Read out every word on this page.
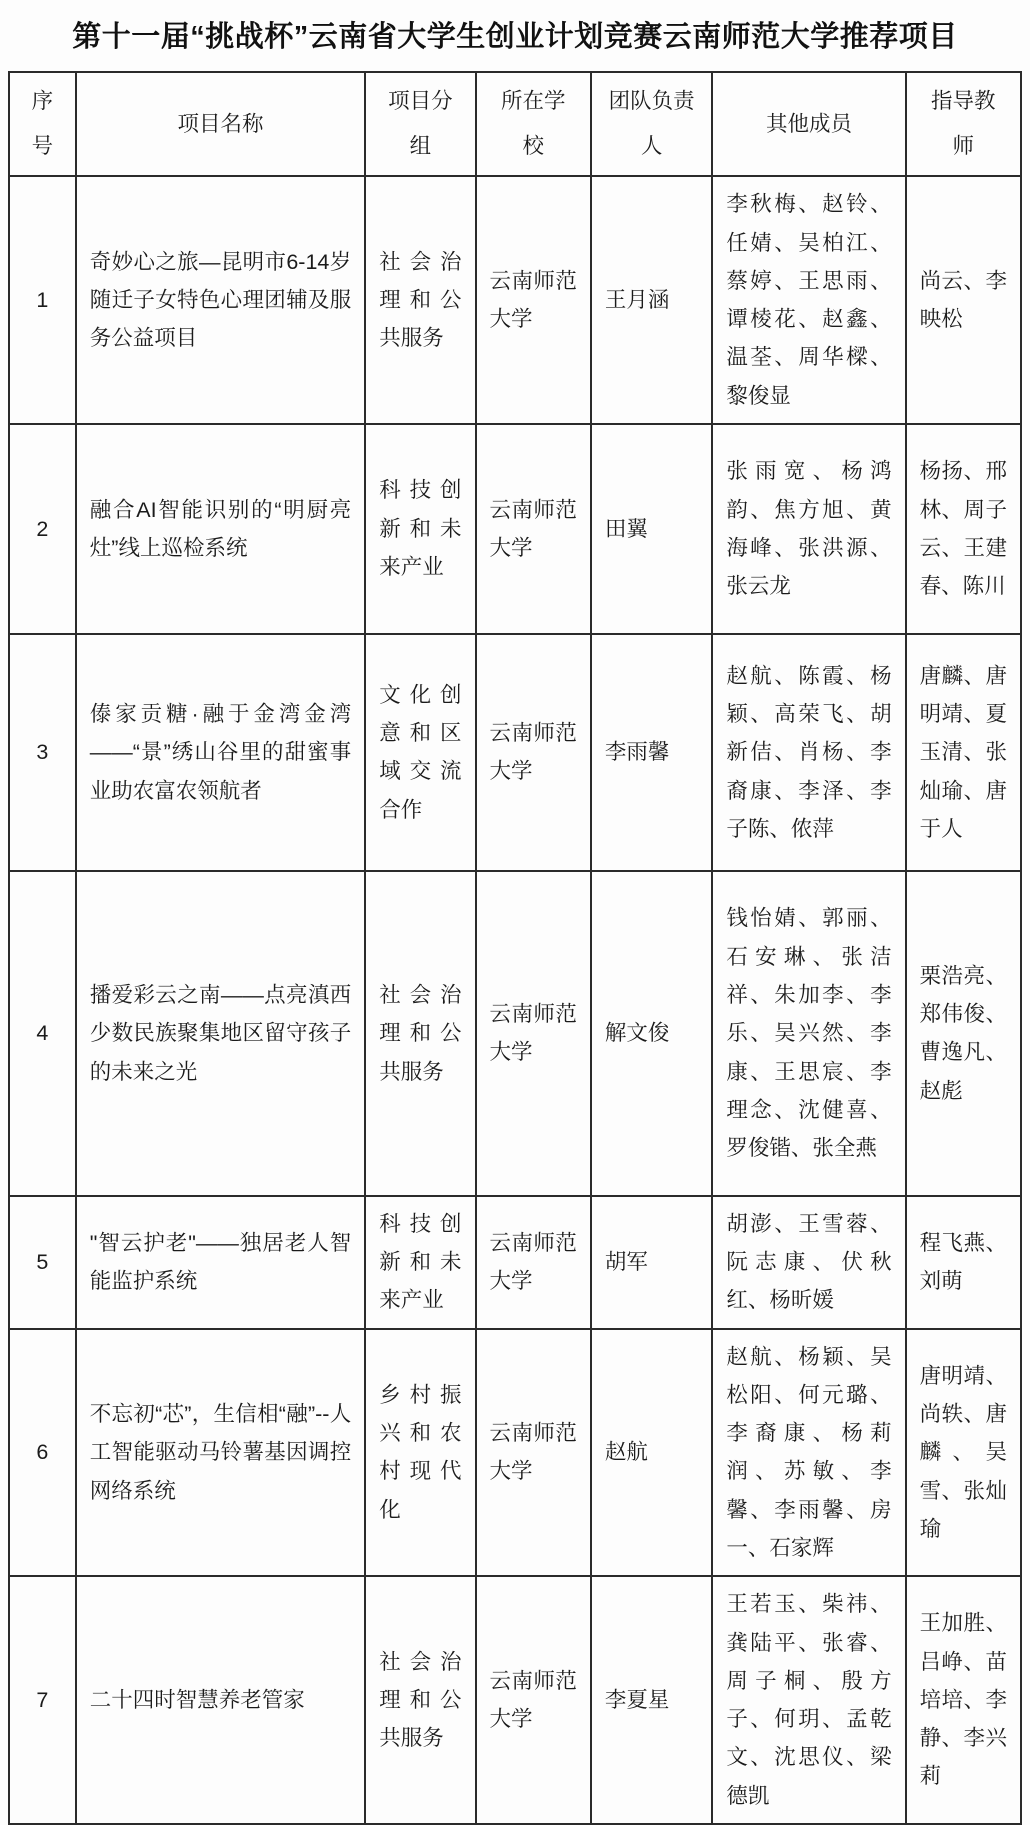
第十一届“挑战杯”云南省大学生创业计划竞赛云南师范大学推荐项目
序号	项目名称	项目分组	所在学校	团队负责人	其他成员	指导教师
1	奇妙心之旅—昆明市6-14岁随迁子女特色心理团辅及服务公益项目	社会治理和公共服务	云南师范大学	王月涵	李秋梅、赵铃、任婧、吴柏江、蔡婷、王思雨、谭棱花、赵鑫、温荃、周华樑、黎俊显	尚云、李映松
2	融合AI智能识别的“明厨亮灶”线上巡检系统	科技创新和未来产业	云南师范大学	田翼	张雨宽、杨鸿韵、焦方旭、黄海峰、张洪源、张云龙	杨扬、邢林、周子云、王建春、陈川
3	傣家贡糖·融于金湾金湾——“景”绣山谷里的甜蜜事业助农富农领航者	文化创意和区域交流合作	云南师范大学	李雨馨	赵航、陈霞、杨颖、高荣飞、胡新佶、肖杨、李裔康、李泽、李子陈、侬萍	唐麟、唐明靖、夏玉清、张灿瑜、唐于人
4	播爱彩云之南——点亮滇西少数民族聚集地区留守孩子的未来之光	社会治理和公共服务	云南师范大学	解文俊	钱怡婧、郭丽、石安琳、张洁祥、朱加李、李乐、吴兴然、李康、王思宸、李理念、沈健喜、罗俊锴、张全燕	栗浩亮、郑伟俊、曹逸凡、赵彪
5	"智云护老"——独居老人智能监护系统	科技创新和未来产业	云南师范大学	胡军	胡澎、王雪蓉、阮志康、伏秋红、杨昕媛	程飞燕、刘萌
6	不忘初“芯”，生信相“融”--人工智能驱动马铃薯基因调控网络系统	乡村振兴和农村现代化	云南师范大学	赵航	赵航、杨颖、吴松阳、何元璐、李裔康、杨莉润、苏敏、李馨、李雨馨、房一、石家辉	唐明靖、尚轶、唐麟、吴雪、张灿瑜
7	二十四时智慧养老管家	社会治理和公共服务	云南师范大学	李夏星	王若玉、柴祎、龚陆平、张睿、周子桐、殷方子、何玥、孟乾文、沈思仪、梁德凯	王加胜、吕峥、苗培培、李静、李兴莉
